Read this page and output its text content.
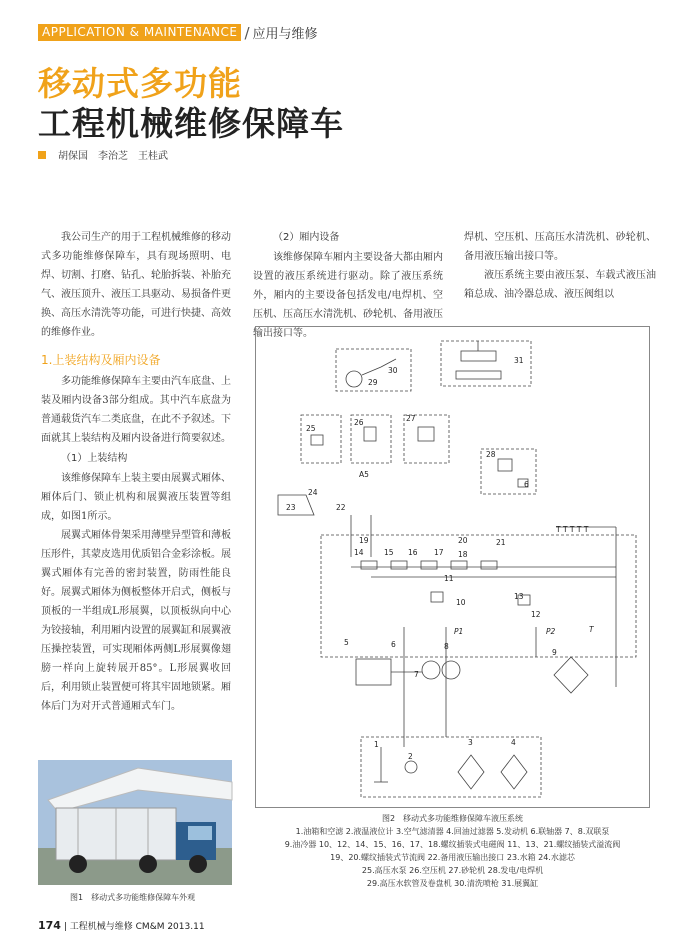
APPLICATION & MAINTENANCE / 应用与维修
移动式多功能
工程机械维修保障车
胡保国　李治芝　王桂武

我公司生产的用于工程机械维修的移动式多功能维修保障车，具有现场照明、电焊、切割、打磨、钻孔、轮胎拆装、补胎充气、液压顶升、液压工具驱动、易损备件更换、高压水清洗等功能，可进行快捷、高效的维修作业。

1.上装结构及厢内设备

多功能维修保障车主要由汽车底盘、上装及厢内设备3部分组成。其中汽车底盘为普通载货汽车二类底盘，在此不予叙述。下面就其上装结构及厢内设备进行简要叙述。

（1）上装结构

该维修保障车上装主要由展翼式厢体、厢体后门、锁止机构和展翼液压装置等组成，如图1所示。

展翼式厢体骨架采用薄壁异型管和薄板压形件，其蒙皮选用优质铝合金彩涂板。展翼式厢体有完善的密封装置，防雨性能良好。展翼式厢体为侧板整体开启式，侧板与顶板的一半组成L形展翼，以顶板纵向中心为铰接轴，利用厢内设置的展翼缸和展翼液压操控装置，可实现厢体两侧L形展翼像翅膀一样向上旋转展开85°。L形展翼收回后，利用锁止装置便可将其牢固地锁紧。厢体后门为对开式普通厢式车门。

（2）厢内设备

该维修保障车厢内主要设备大都由厢内设置的液压系统进行驱动。除了液压系统外，厢内的主要设备包括发电/电焊机、空压机、压高压水清洗机、砂轮机、备用液压输出接口等。

焊机、空压机、压高压水清洗机、砂轮机、备用液压输出接口等。

液压系统主要由液压泵、车载式液压油箱总成、油冷器总成、液压阀组以

图1　移动式多功能维修保障车外观
29
30
31
25
26	27
A5
28
6
24
23	22
T T T T T
19	20	21
14	15 16 17 18
11
10
13
12
P1	P2	T
9
7
8
5	6
1
2
3	4
图2　移动式多功能维修保障车液压系统
1.油箱和空滤 2.液温液位计 3.空气滤清器 4.回油过滤器 5.发动机 6.联轴器 7、8.双联泵
9.油冷器 10、12、14、15、16、17、18.螺纹插装式电磁阀 11、13、21.螺纹插装式溢流阀
19、20.螺纹插装式节流阀 22.备用液压输出接口 23.水箱 24.水滤芯
25.高压水泵 26.空压机 27.砂轮机 28.发电/电焊机
29.高压水软管及卷盘机 30.清洗喷枪 31.展翼缸
174 | 工程机械与维修 CM&M 2013.11
